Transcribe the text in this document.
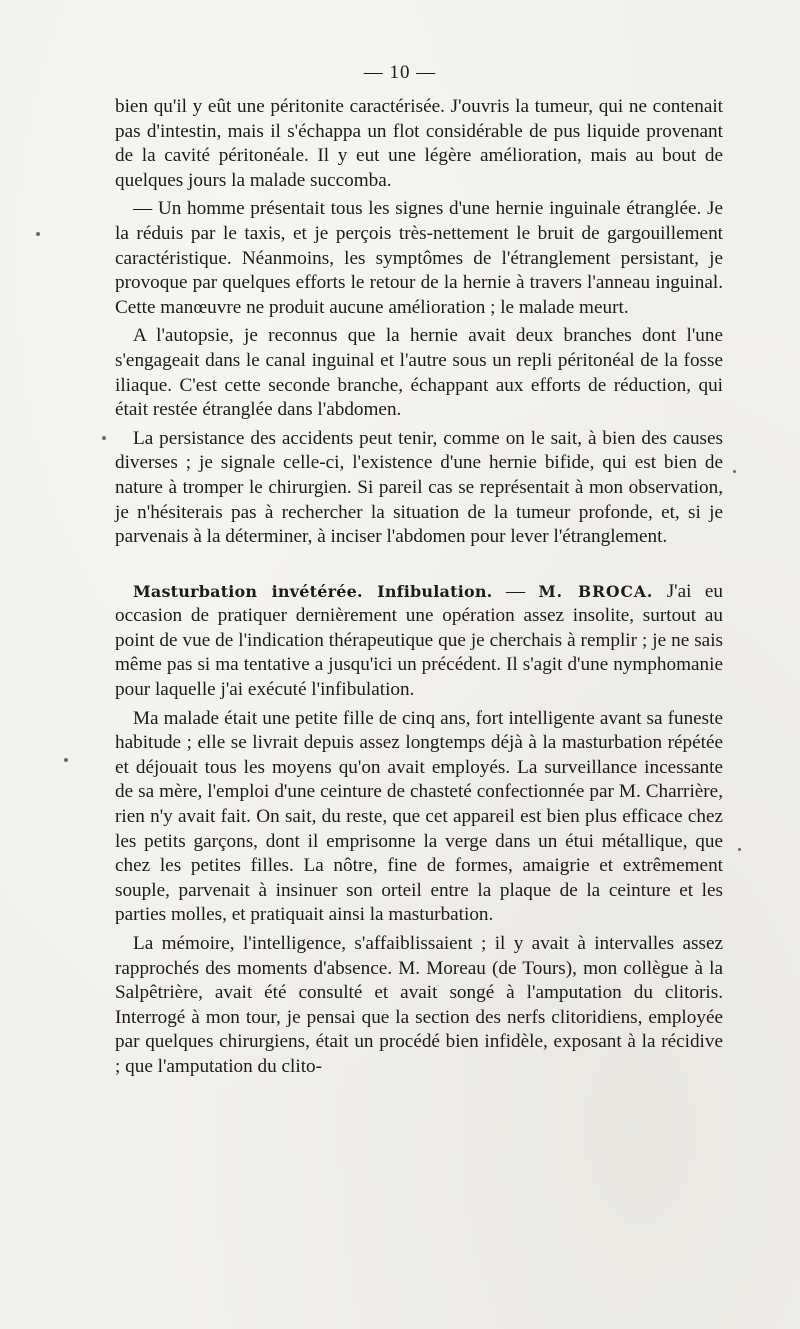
— 10 —

bien qu'il y eût une péritonite caractérisée. J'ouvris la tumeur, qui ne contenait pas d'intestin, mais il s'échappa un flot considérable de pus liquide provenant de la cavité péritonéale. Il y eut une légère amélioration, mais au bout de quelques jours la malade succomba.

— Un homme présentait tous les signes d'une hernie inguinale étranglée. Je la réduis par le taxis, et je perçois très-nettement le bruit de gargouillement caractéristique. Néanmoins, les symptômes de l'étranglement persistant, je provoque par quelques efforts le retour de la hernie à travers l'anneau inguinal. Cette manœuvre ne produit aucune amélioration ; le malade meurt.

A l'autopsie, je reconnus que la hernie avait deux branches dont l'une s'engageait dans le canal inguinal et l'autre sous un repli péritonéal de la fosse iliaque. C'est cette seconde branche, échappant aux efforts de réduction, qui était restée étranglée dans l'abdomen.

La persistance des accidents peut tenir, comme on le sait, à bien des causes diverses ; je signale celle-ci, l'existence d'une hernie bifide, qui est bien de nature à tromper le chirurgien. Si pareil cas se représentait à mon observation, je n'hésiterais pas à rechercher la situation de la tumeur profonde, et, si je parvenais à la déterminer, à inciser l'abdomen pour lever l'étranglement.

Masturbation invétérée. Infibulation. — M. BROCA. J'ai eu occasion de pratiquer dernièrement une opération assez insolite, surtout au point de vue de l'indication thérapeutique que je cherchais à remplir ; je ne sais même pas si ma tentative a jusqu'ici un précédent. Il s'agit d'une nymphomanie pour laquelle j'ai exécuté l'infibulation.

Ma malade était une petite fille de cinq ans, fort intelligente avant sa funeste habitude ; elle se livrait depuis assez longtemps déjà à la masturbation répétée et déjouait tous les moyens qu'on avait employés. La surveillance incessante de sa mère, l'emploi d'une ceinture de chasteté confectionnée par M. Charrière, rien n'y avait fait. On sait, du reste, que cet appareil est bien plus efficace chez les petits garçons, dont il emprisonne la verge dans un étui métallique, que chez les petites filles. La nôtre, fine de formes, amaigrie et extrêmement souple, parvenait à insinuer son orteil entre la plaque de la ceinture et les parties molles, et pratiquait ainsi la masturbation.

La mémoire, l'intelligence, s'affaiblissaient ; il y avait à intervalles assez rapprochés des moments d'absence. M. Moreau (de Tours), mon collègue à la Salpêtrière, avait été consulté et avait songé à l'amputation du clitoris. Interrogé à mon tour, je pensai que la section des nerfs clitoridiens, employée par quelques chirurgiens, était un procédé bien infidèle, exposant à la récidive ; que l'amputation du clito-
